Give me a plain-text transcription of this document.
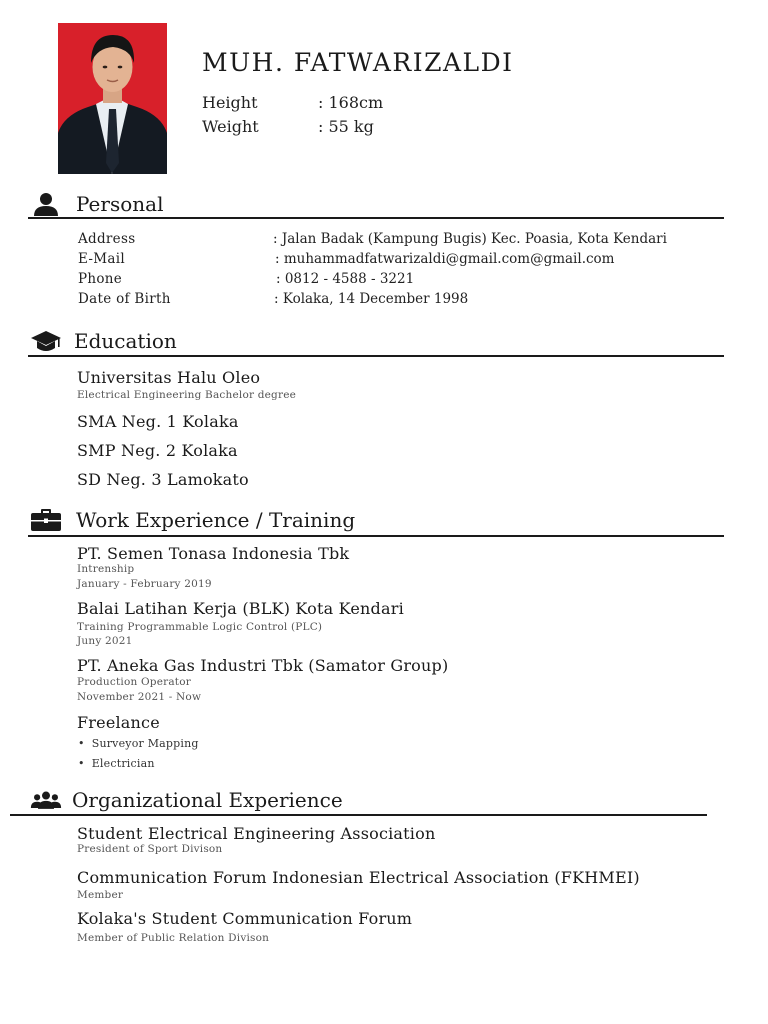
MUH. FATWARIZALDI
Height	: 168cm
Weight	: 55 kg
Personal
Address	: Jalan Badak (Kampung Bugis) Kec. Poasia, Kota Kendari
E-Mail	: muhammadfatwarizaldi@gmail.com@gmail.com
Phone	: 0812 - 4588 - 3221
Date of Birth	: Kolaka, 14 December 1998
Education
Universitas Halu Oleo
Electrical Engineering Bachelor degree
SMA Neg. 1 Kolaka
SMP Neg. 2 Kolaka
SD Neg. 3 Lamokato
Work Experience / Training
PT. Semen Tonasa Indonesia Tbk
Intrenship
January - February 2019
Balai Latihan Kerja (BLK) Kota Kendari
Training Programmable Logic Control (PLC)
Juny 2021
PT. Aneka Gas Industri Tbk (Samator Group)
Production Operator
November 2021 - Now
Freelance
• Surveyor Mapping
• Electrician
Organizational Experience
Student Electrical Engineering Association
President of Sport Divison
Communication Forum Indonesian Electrical Association (FKHMEI)
Member
Kolaka's Student Communication Forum
Member of Public Relation Divison
